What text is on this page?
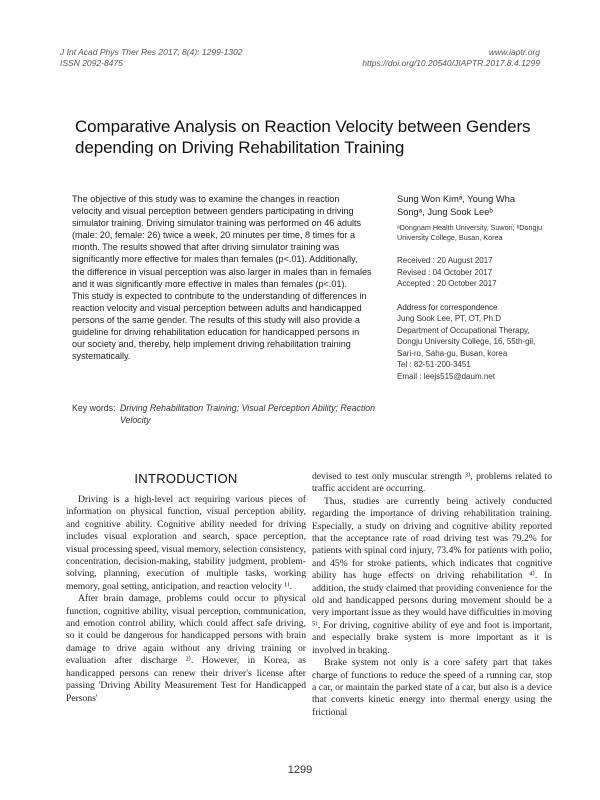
J Int Acad Phys Ther Res 2017; 8(4): 1299-1302
ISSN 2092-8475
www.iaptr.org
https://doi.org/10.20540/JIAPTR.2017.8.4.1299
Comparative Analysis on Reaction Velocity between Genders depending on Driving Rehabilitation Training

The objective of this study was to examine the changes in reaction velocity and visual perception between genders participating in driving simulator training. Driving simulator training was performed on 46 adults (male: 20, female: 26) twice a week, 20 minutes per time, 8 times for a month. The results showed that after driving simulator training was significantly more effective for males than females (p<.01). Additionally, the difference in visual perception was also larger in males than in females and it was significantly more effective in males than females (p<.01).

This study is expected to contribute to the understanding of differences in reaction velocity and visual perception between adults and handicapped persons of the same gender. The results of this study will also provide a guideline for driving rehabilitation education for handicapped persons in our society and, thereby, help implement driving rehabilitation training systematically.

Sung Won Kimᵃ, Young Wha Songᵃ, Jung Sook Leeᵇ
ᵃDongnam Health University, Suwon; ᵇDongju University College, Busan, Korea
Received : 20 August 2017
Revised : 04 October 2017
Accepted : 20 October 2017
Address for correspondence
Jung Sook Lee, PT, OT, Ph.D
Department of Occupational Therapy,
Dongju University College, 16, 55th-gil, Sari-ro, Saha-gu, Busan, korea
Tel : 82-51-200-3451
Email : leejs515@daum.net
Key words: Driving Rehabilitation Training; Visual Perception Ability; Reaction Velocity
INTRODUCTION

Driving is a high-level act requiring various pieces of information on physical function, visual perception ability, and cognitive ability. Cognitive ability needed for driving includes visual exploration and search, space perception, visual processing speed, visual memory, selection consistency, concentration, decision-making, stability judgment, problem-solving, planning, execution of multiple tasks, working memory, goal setting, anticipation, and reaction velocity ¹⁾.

After brain damage, problems could occur to physical function, cognitive ability, visual perception, communication, and emotion control ability, which could affect safe driving, so it could be dangerous for handicapped persons with brain damage to drive again without any driving training or evaluation after discharge ²⁾. However, in Korea, as handicapped persons can renew their driver's license after passing 'Driving Ability Measurement Test for Handicapped Persons'

devised to test only muscular strength ³⁾, problems related to traffic accident are occurring.

Thus, studies are currently being actively conducted regarding the importance of driving rehabilitation training. Especially, a study on driving and cognitive ability reported that the acceptance rate of road driving test was 79.2% for patients with spinal cord injury, 73.4% for patients with polio, and 45% for stroke patients, which indicates that cognitive ability has huge effects on driving rehabilitation ⁴⁾. In addition, the study claimed that providing convenience for the old and handicapped persons during movement should be a very important issue as they would have difficulties in moving ⁵⁾. For driving, cognitive ability of eye and foot is important, and especially brake system is more important as it is involved in braking.

Brake system not only is a core safety part that takes charge of functions to reduce the speed of a running car, stop a car, or maintain the parked state of a car, but also is a device that converts kinetic energy into thermal energy using the frictional

1299
